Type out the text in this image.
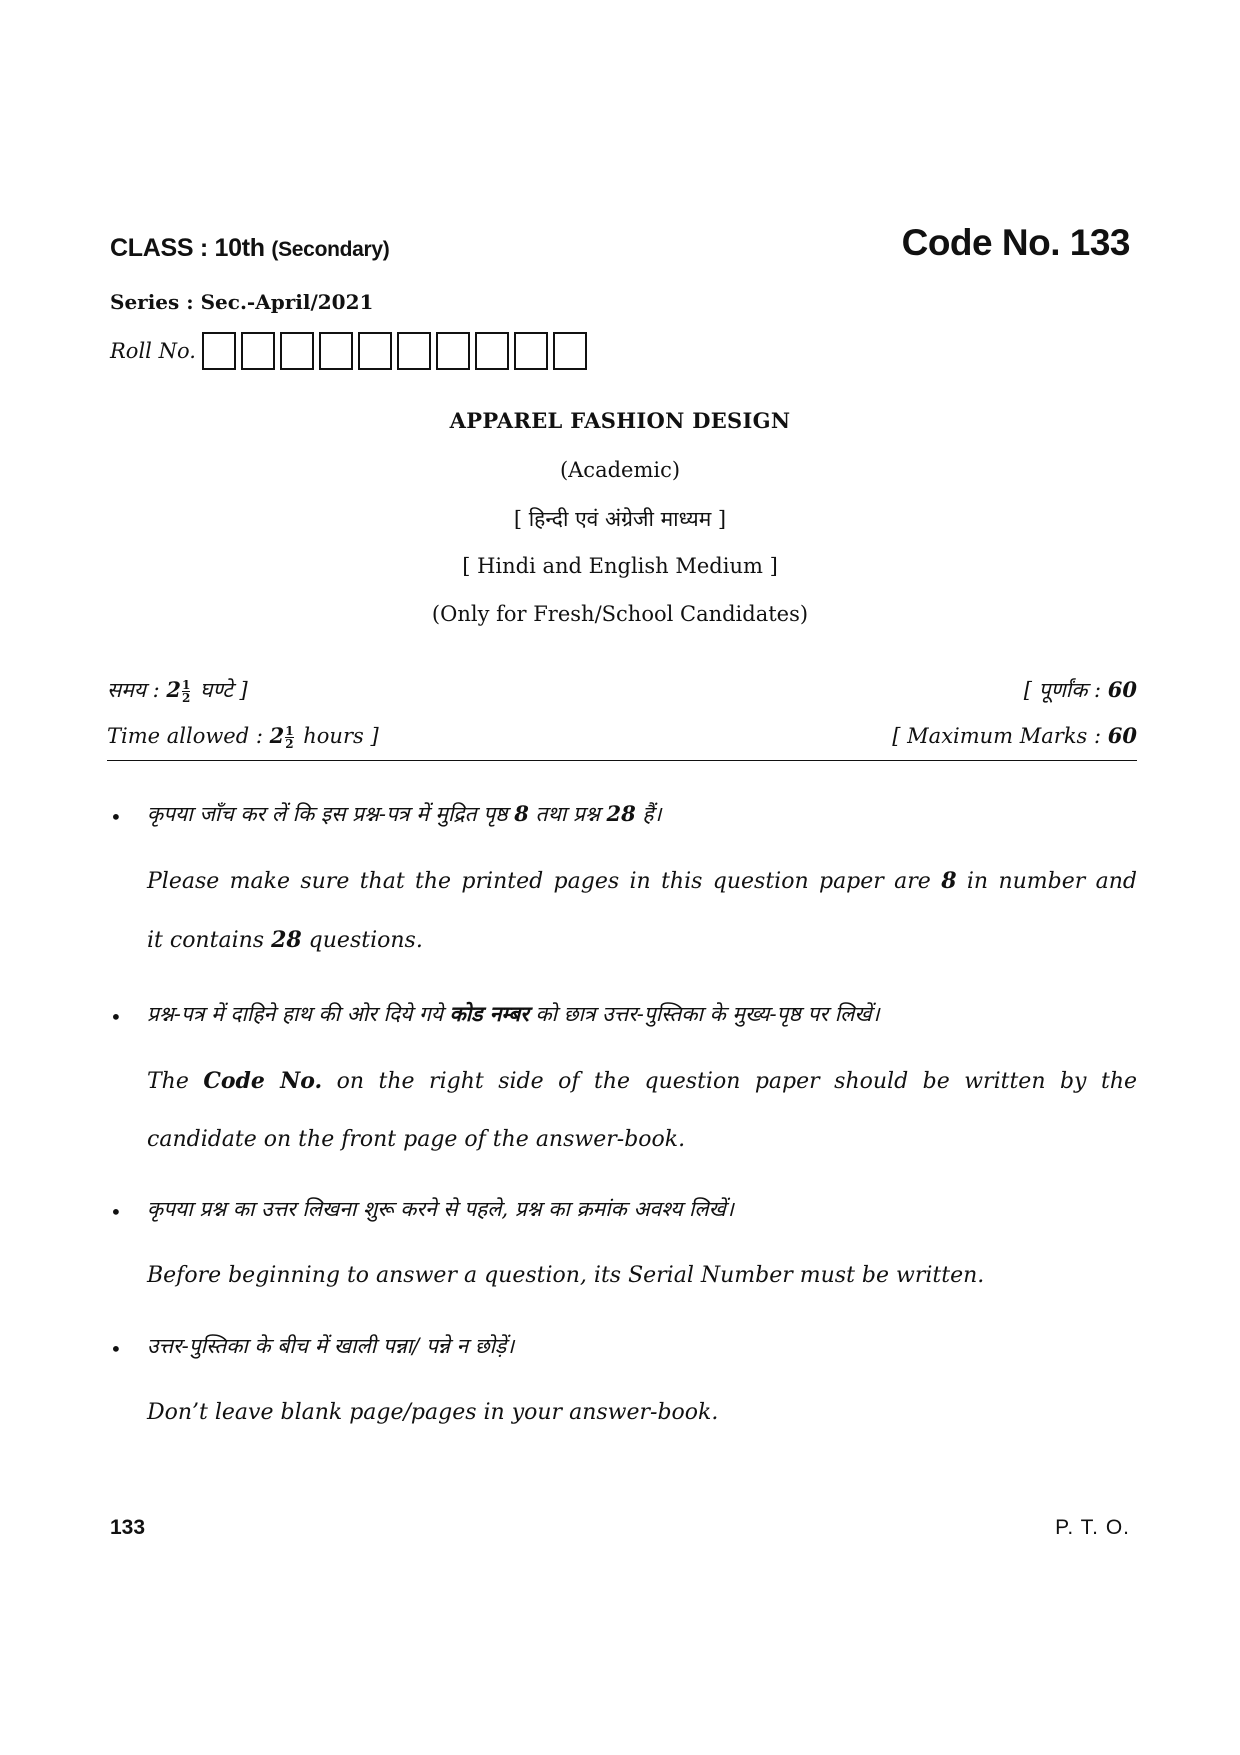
CLASS : 10th (Secondary)	Code No. 133
Series : Sec.-April/2021
Roll No.
APPAREL FASHION DESIGN
(Academic)
[ हिन्दी एवं अंग्रेजी माध्यम ]
[ Hindi and English Medium ]
(Only for Fresh/School Candidates)
समय : $2 \frac{1}{2}$ घण्टे ]	[ पूर्णांक : 60
Time allowed : $2 \frac{1}{2}$ hours ]	[ Maximum Marks : 60
• कृपया जाँच कर लें कि इस प्रश्न-पत्र में मुद्रित पृष्ठ 8 तथा प्रश्न 28 हैं।
Please make sure that the printed pages in this question paper are 8 in number and
it contains 28 questions.
• प्रश्न-पत्र में दाहिने हाथ की ओर दिये गये कोड नम्बर को छात्र उत्तर-पुस्तिका के मुख्य-पृष्ठ पर लिखें।
The Code No. on the right side of the question paper should be written by the
candidate on the front page of the answer-book.
• कृपया प्रश्न का उत्तर लिखना शुरू करने से पहले, प्रश्न का क्रमांक अवश्य लिखें।
Before beginning to answer a question, its Serial Number must be written.
• उत्तर-पुस्तिका के बीच में खाली पन्ना/ पन्ने न छोड़ें।
Don’t leave blank page/pages in your answer-book.
133	P. T. O.
